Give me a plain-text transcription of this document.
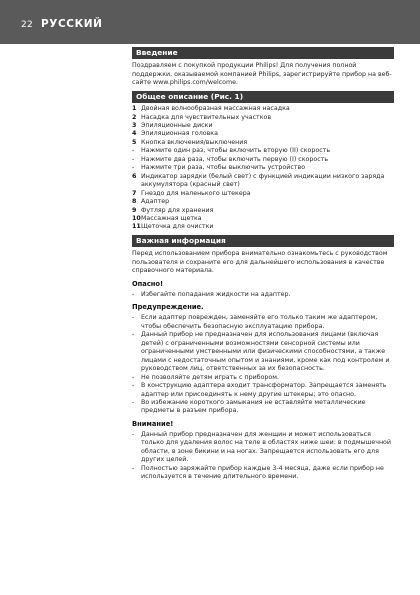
22 РУССКИЙ
Введение

Поздравляем с покупкой продукции Philips! Для получения полной поддержки, оказываемой компанией Philips, зарегистрируйте прибор на веб-сайте www.philips.com/welcome.

Общее описание (Рис. 1)
1 Двойная волнообразная массажная насадка
2 Насадка для чувствительных участков
3 Эпиляционные диски
4 Эпиляционная головка
5 Кнопка включения/выключения
-	Нажмите один раз, чтобы включить вторую (II) скорость
-	Нажмите два раза, чтобы включить первую (I) скорость
-	Нажмите три раза, чтобы выключить устройство
6 Индикатор зарядки (белый свет) с функцией индикации низкого заряда аккумулятора (красный свет)
7 Гнездо для маленького штекера
8 Адаптер
9 Футляр для хранения
10 Массажная щетка
11 Щеточка для очистки
Важная информация

Перед использованием прибора внимательно ознакомьтесь с руководством пользователя и сохраните его для дальнейшего использования в качестве справочного материала.

Опасно!

-	Избегайте попадания жидкости на адаптер.

Предупреждение.

-	Если адаптер поврежден, заменяйте его только таким же адаптером, чтобы обеспечить безопасную эксплуатацию прибора.
-	Данный прибор не предназначен для использования лицами (включая детей) с ограниченными возможностями сенсорной системы или ограниченными умственными или физическими способностями, а также лицами с недостаточным опытом и знаниями, кроме как под контролем и руководством лиц, ответственных за их безопасность.
-	Не позволяйте детям играть с прибором.
-	В конструкцию адаптера входит трансформатор. Запрещается заменять адаптер или присоединять к нему другие штекеры; это опасно.
-	Во избежание короткого замыкания не вставляйте металлические предметы в разъем прибора.

Внимание!

-	Данный прибор предназначен для женщин и может использоваться только для удаления волос на теле в областях ниже шеи: в подмышечной области, в зоне бикини и на ногах. Запрещается использовать его для других целей.
-	Полностью заряжайте прибор каждые 3-4 месяца, даже если прибор не используется в течение длительного времени.
